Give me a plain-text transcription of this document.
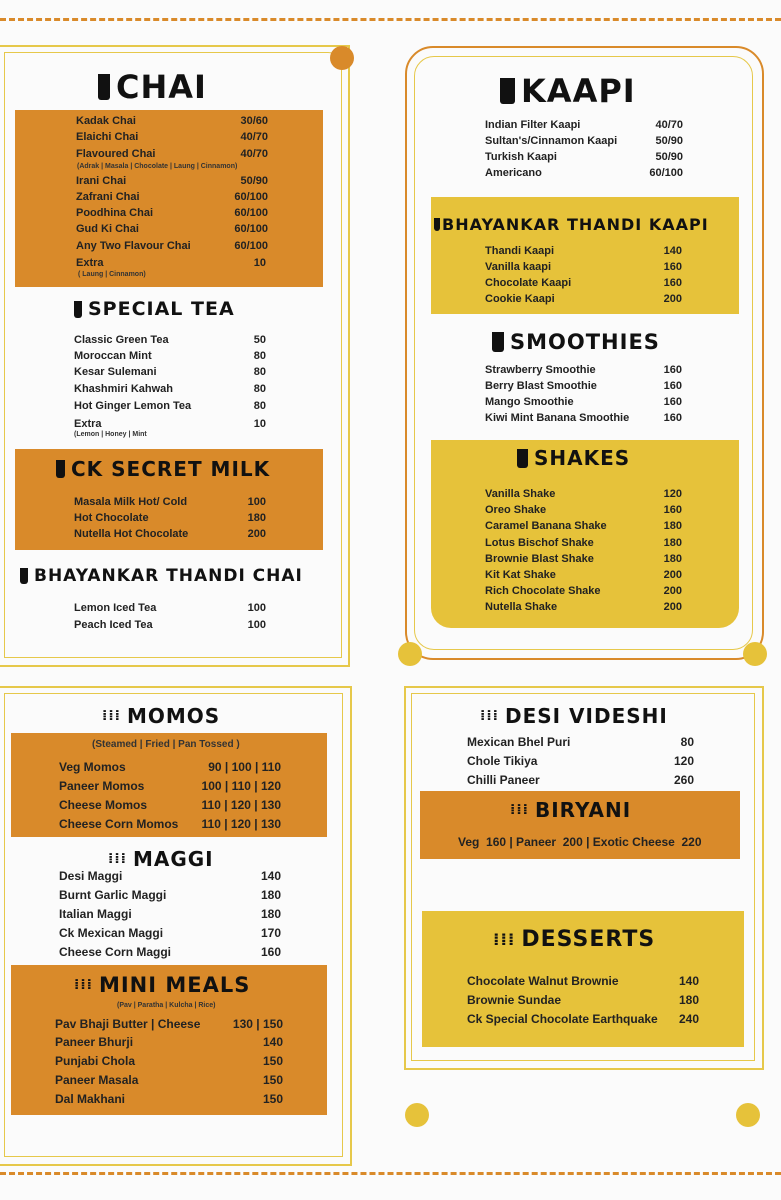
CHAI
Kadak Chai	30/60
Elaichi Chai	40/70
Flavoured Chai	40/70
(Adrak | Masala | Chocolate | Laung | Cinnamon)
Irani Chai	50/90
Zafrani Chai	60/100
Poodhina Chai	60/100
Gud Ki Chai	60/100
Any Two Flavour Chai	60/100
Extra	10
( Laung | Cinnamon)
SPECIAL TEA
Classic Green Tea	50
Moroccan Mint	80
Kesar Sulemani	80
Khashmiri Kahwah	80
Hot Ginger Lemon Tea	80
Extra	10
(Lemon | Honey | Mint
CK SECRET MILK
Masala Milk Hot/ Cold	100
Hot Chocolate	180
Nutella Hot Chocolate	200
BHAYANKAR THANDI CHAI
Lemon Iced Tea	100
Peach Iced Tea	100
KAAPI
Indian Filter Kaapi	40/70
Sultan's/Cinnamon Kaapi	50/90
Turkish Kaapi	50/90
Americano	60/100
BHAYANKAR THANDI KAAPI
Thandi Kaapi	140
Vanilla kaapi	160
Chocolate Kaapi	160
Cookie Kaapi	200
SMOOTHIES
Strawberry Smoothie	160
Berry Blast Smoothie	160
Mango Smoothie	160
Kiwi Mint Banana Smoothie	160
SHAKES
Vanilla Shake	120
Oreo Shake	160
Caramel Banana Shake	180
Lotus Bischof Shake	180
Brownie Blast Shake	180
Kit Kat Shake	200
Rich Chocolate Shake	200
Nutella Shake	200
⁞⁞⁞ MOMOS
(Steamed | Fried | Pan Tossed )
Veg Momos	90 | 100 | 110
Paneer Momos	100 | 110 | 120
Cheese Momos	110 | 120 | 130
Cheese Corn Momos 110 | 120 | 130
⁞⁞⁞ MAGGI
Desi Maggi	140
Burnt Garlic Maggi	180
Italian Maggi	180
Ck Mexican Maggi	170
Cheese Corn Maggi	160
⁞⁞⁞ MINI MEALS
(Pav | Paratha | Kulcha | Rice)
Pav Bhaji Butter | Cheese	130 | 150
Paneer Bhurji	140
Punjabi Chola	150
Paneer Masala	150
Dal Makhani	150
⁞⁞⁞ DESI VIDESHI
Mexican Bhel Puri	80
Chole Tikiya	120
Chilli Paneer	260
⁞⁞⁞ BIRYANI
Veg  160 | Paneer  200 | Exotic Cheese  220
⁞⁞⁞ DESSERTS
Chocolate Walnut Brownie	140
Brownie Sundae	180
Ck Special Chocolate Earthquake 240
